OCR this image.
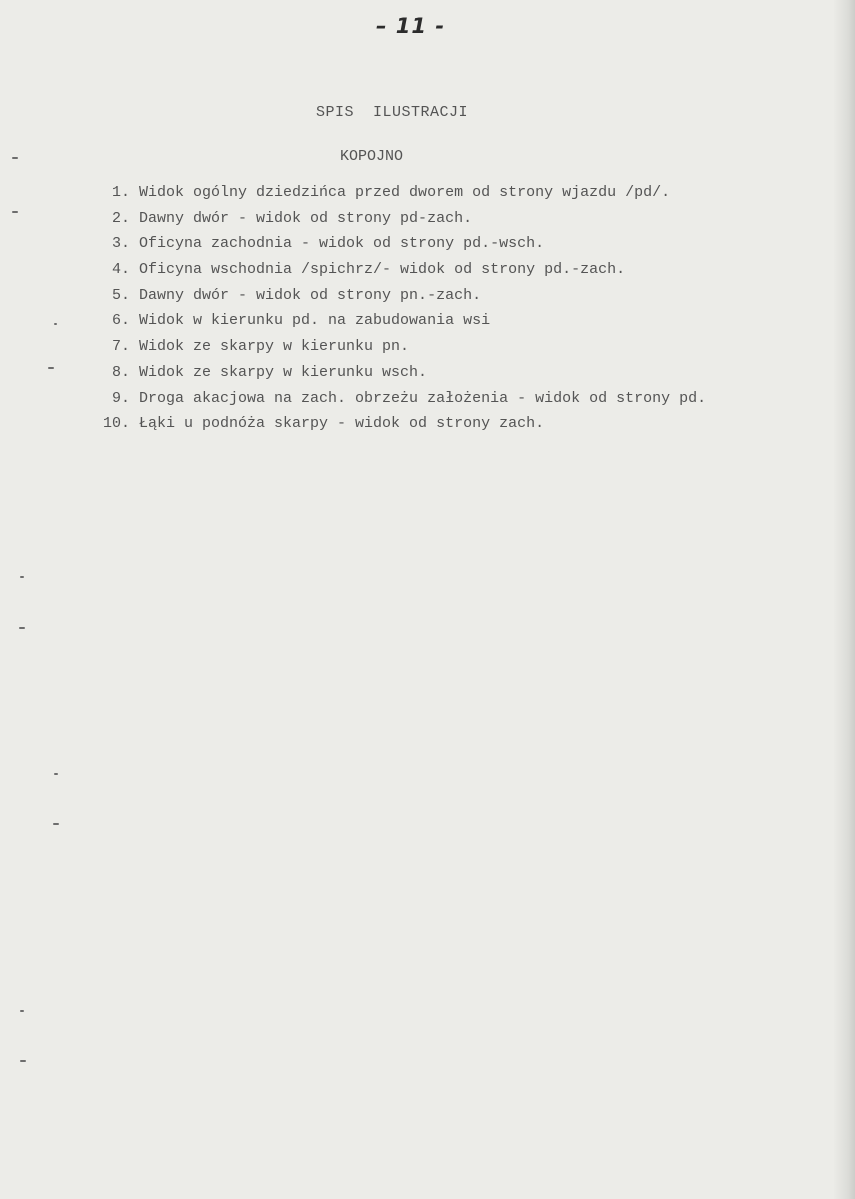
– 11 -
SPIS  ILUSTRACJI
KOPOJNO
1. Widok ogólny dziedzińca przed dworem od strony wjazdu /pd/.
2. Dawny dwór - widok od strony pd-zach.
3. Oficyna zachodnia - widok od strony pd.-wsch.
4. Oficyna wschodnia /spichrz/- widok od strony pd.-zach.
5. Dawny dwór - widok od strony pn.-zach.
6. Widok w kierunku pd. na zabudowania wsi
7. Widok ze skarpy w kierunku pn.
8. Widok ze skarpy w kierunku wsch.
9. Droga akacjowa na zach. obrzeżu założenia - widok od strony pd.
10. Łąki u podnóża skarpy - widok od strony zach.
